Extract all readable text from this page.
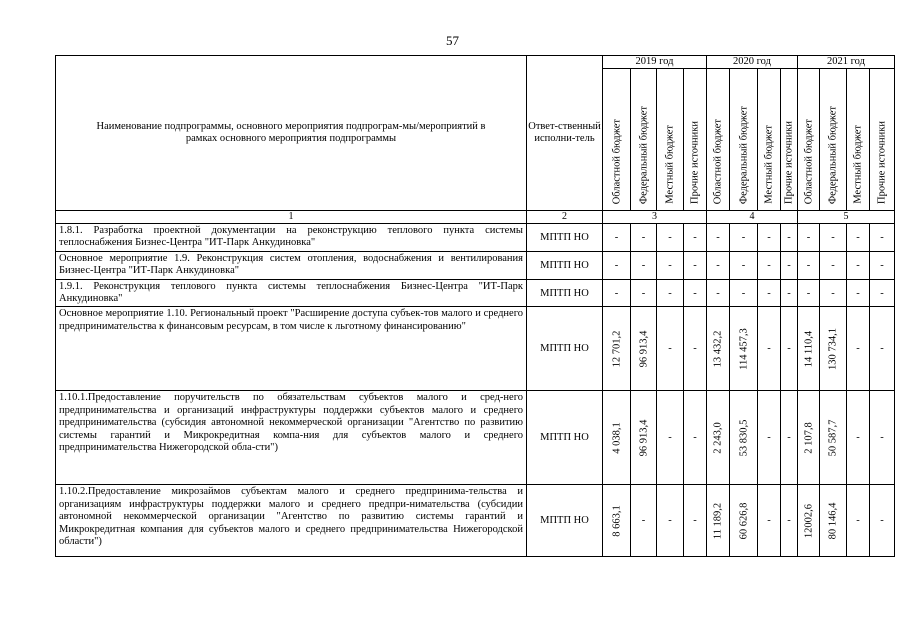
57
Наименование подпрограммы, основного мероприятия подпрограм-мы/мероприятий в рамках основного мероприятия подпрограммы	Ответ-ственный исполни-тель	2019 год				2020 год				2021 год			

		Областной бюджет	Федеральный бюджет	Местный бюджет	Прочие источники	Областной бюджет	Федеральный бюджет	Местный бюджет	Прочие источники	Областной бюджет	Федеральный бюджет	Местный бюджет	Прочие источники

1	2	3				4				5			
1.8.1. Разработка проектной документации на реконструкцию теплового пункта системы теплоснабжения Бизнес-Центра "ИТ-Парк Анкудиновка"	МПТП НО	-	-	-	-	-	-	-	-	-	-	-	-
Основное мероприятие 1.9. Реконструкция систем отопления, водоснабжения и вентилирования Бизнес-Центра "ИТ-Парк Анкудиновка"	МПТП НО	-	-	-	-	-	-	-	-	-	-	-	-
1.9.1. Реконструкция теплового пункта системы теплоснабжения Бизнес-Центра "ИТ-Парк Анкудиновка"	МПТП НО	-	-	-	-	-	-	-	-	-	-	-	-
Основное мероприятие 1.10. Региональный проект "Расширение доступа субъек-тов малого и среднего предпринимательства к финансовым ресурсам, в том числе к льготному финансированию"	МПТП НО	12 701,2	96 913,4	-	-	13 432,2	114 457,3	-	-	14 110,4	130 734,1	-	-
1.10.1.Предоставление поручительств по обязательствам субъектов малого и сред-него предпринимательства и организаций инфраструктуры поддержки субъектов малого и среднего предпринимательства (субсидия автономной некоммерческой организации "Агентство по развитию системы гарантий и Микрокредитная компа-ния для субъектов малого и среднего предпринимательства Нижегородской обла-сти")	МПТП НО	4 038,1	96 913,4	-	-	2 243,0	53 830,5	-	-	2 107,8	50 587,7	-	-
1.10.2.Предоставление микрозаймов субъектам малого и среднего предпринима-тельства и организациям инфраструктуры поддержки малого и среднего предпри-нимательства (субсидии автономной некоммерческой организации "Агентство по развитию системы гарантий и Микрокредитная компания для субъектов малого и среднего предпринимательства Нижегородской области")	МПТП НО	8 663,1	-	-	-	11 189,2	60 626,8	-	-	12002,6	80 146,4	-	-
